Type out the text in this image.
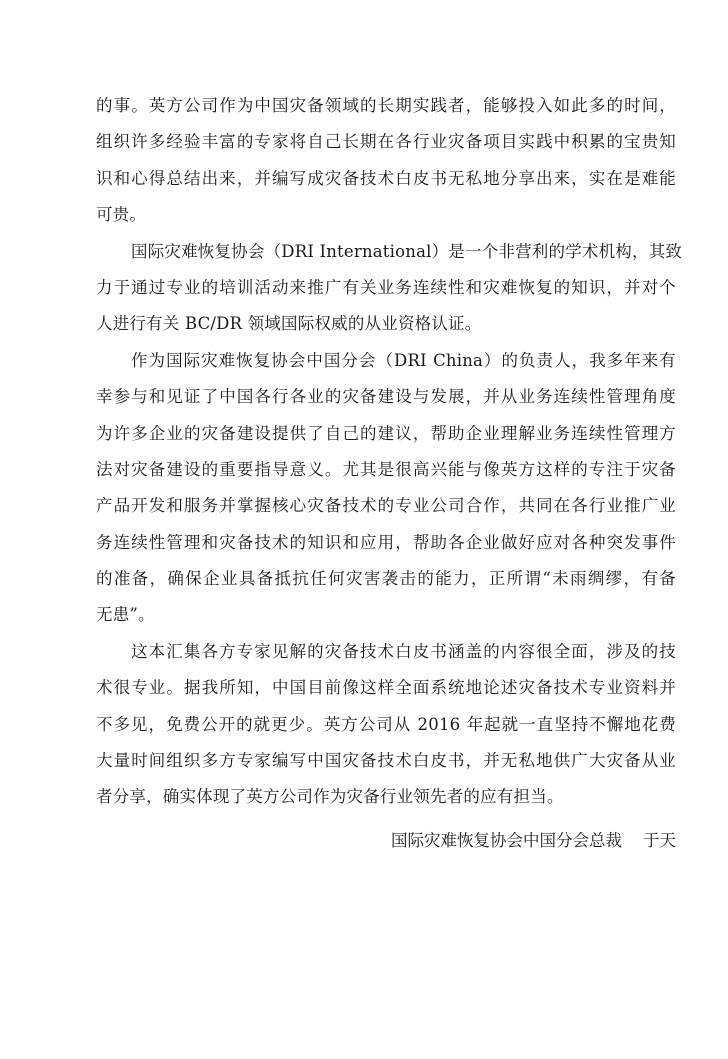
的事。英方公司作为中国灾备领域的长期实践者，能够投入如此多的时间，
组织许多经验丰富的专家将自己长期在各行业灾备项目实践中积累的宝贵知
识和心得总结出来，并编写成灾备技术白皮书无私地分享出来，实在是难能
可贵。
国际灾难恢复协会（DRI International）是一个非营利的学术机构，其致
力于通过专业的培训活动来推广有关业务连续性和灾难恢复的知识，并对个
人进行有关 BC/DR 领域国际权威的从业资格认证。
作为国际灾难恢复协会中国分会（DRI China）的负责人，我多年来有
幸参与和见证了中国各行各业的灾备建设与发展，并从业务连续性管理角度
为许多企业的灾备建设提供了自己的建议，帮助企业理解业务连续性管理方
法对灾备建设的重要指导意义。尤其是很高兴能与像英方这样的专注于灾备
产品开发和服务并掌握核心灾备技术的专业公司合作，共同在各行业推广业
务连续性管理和灾备技术的知识和应用，帮助各企业做好应对各种突发事件
的准备，确保企业具备抵抗任何灾害袭击的能力，正所谓“未雨绸缪，有备
无患”。
这本汇集各方专家见解的灾备技术白皮书涵盖的内容很全面，涉及的技
术很专业。据我所知，中国目前像这样全面系统地论述灾备技术专业资料并
不多见，免费公开的就更少。英方公司从 2016 年起就一直坚持不懈地花费
大量时间组织多方专家编写中国灾备技术白皮书，并无私地供广大灾备从业
者分享，确实体现了英方公司作为灾备行业领先者的应有担当。
国际灾难恢复协会中国分会总裁    于天
